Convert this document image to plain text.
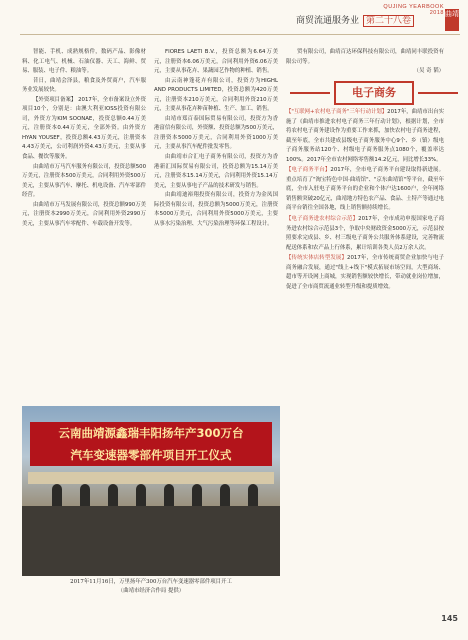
QUJING YEARBOOK 2018
商贸流通服务业 第二十八卷
曲靖

智能、手机、成熟规格件，数码产品、影像材料、化工电气、机械、石油仪器、天工、海鲜、贸易、服装、电子件、粮油等。

昔日，曲靖会泽县，粮食及外贸商户，汽车服务业发展较快。

【外资项目备案】 2017年，全市备案设立外资项目10个，分别是：由澳大利亚IOSS投资有限公司，外资方为KIM SOONAE，投资总额0.44万美元，注册资本0.44万美元，全部外资。由外资方HYAN YOUSEF，投资总额4.43万美元，注册资本4.43万美元，公司利润外资4.43万美元，主要从事食品、餐饮等服务。

由曲靖市万马汽车服务有限公司，投资总额500万美元，注册资本500万美元，合同利用外资500万美元，主要从事汽车、摩托、机电设备、汽车零部件经营。

由曲靖市万马发展有限公司，投资总额990万美元，注册资本2990万美元，合同利用外资2990万美元，主要从事汽车零配件、车载设备开发等。

FIORES LAETI B.V.，投资总额为6.64万美元，注册资本6.06万美元，合同利用外资6.06万美元，主要从事花卉、果蔬园艺作物的种植、销售。

由云南神蓬花卉有限公司，投资方为HIGHL AND PRODUCTS LIMITED，投资总额为420万美元，注册资本210万美元，合同利用外资210万美元，主要从事花卉种苗种植、生产、加工、销售。

由靖市郑百泰国际贸易有限公司，投资方为香港富信有限公司，外资额、投资总额为500万美元，注册资本5000万美元，合同利用外资1000万美元，主要从事汽车配件批发零售。

由曲靖市合汇电子商务有限公司，投资方为香港新汇国际贸易有限公司，投资总额为15.14万美元，注册资本15.14万美元，合同利用外资15.14万美元，主要从事电子产品的技术研发与销售。

由曲靖迪裕翔投资有限公司，投资方为金凤国际投资有限公司，投资总额为5000万美元，注册资本5000万美元，合同利用外资5000万美元，主要从事水污染治理、大气污染治理等环保工程设计。

贸有限公司，曲靖百达环保科技有限公司，曲靖同丰联投资有限公司等。

（吴 奇 韬）

电子商务

【"互联网+农村电子商务"三年行动计划】2017年，曲靖市出台实施了《曲靖市推进农村电子商务三年行动计划》，根据计划，全市将农村电子商务建设作为重要工作来抓，加快农村电子商务进程，截至年底，全市共建成县级电子商务服务中心9个、乡（镇）级电子商务服务站120个、村级电子商务服务点1080个，覆盖率达100%。2017年全市农村网络零售额14.2亿元，同比增长33%。

【电子商务平台】2017年，全市电子商务平台建设取得新进展。重点培育了"淘宝特色中国·曲靖馆"、"京东曲靖馆"等平台，截至年底，全市入驻电子商务平台的企业和个体户达1600户，全年网络销售额突破20亿元，曲靖地方特色农产品、食品、土特产等通过电商平台销往全国各地，线上销售额持续增长。

【电子商务进农村综合示范】2017年，全市成功申报国家电子商务进农村综合示范县3个，争取中央财政资金5000万元，示范县按照要求完成县、乡、村三级电子商务公共服务体系建设，完善物流配送体系和农产品上行体系，累计培训各类人员2万余人次。

【传统实体店转型发展】2017年，全市传统商贸企业加快与电子商务融合发展，通过"线上+线下"模式拓展市场空间，大型商场、超市等开设网上商城，实现销售额较快增长，带动就业岗位增加，促进了全市商贸流通业转型升级和提质增效。

云南曲靖源鑫瑞丰阳扬年产300万台
汽车变速器零部件项目开工仪式
2017年11月16日，万里扬年产300万台汽车变速器零部件项目开工
（曲靖市经济合作局 提供）
145
